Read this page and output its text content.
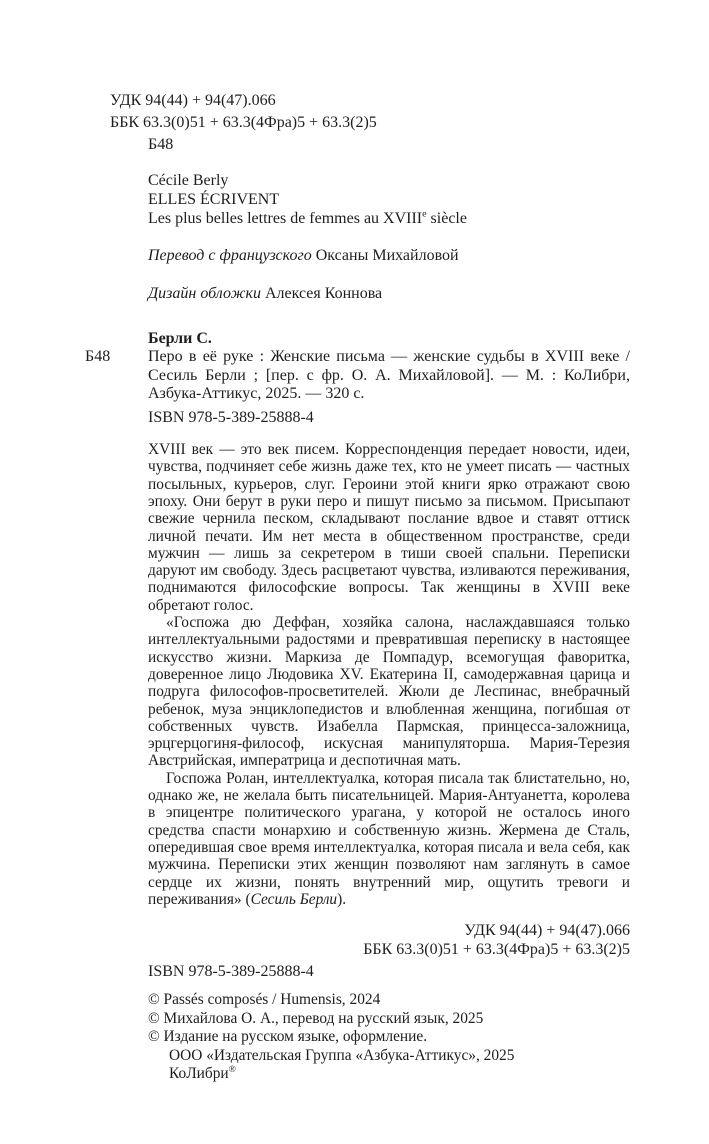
УДК 94(44) + 94(47).066
ББК 63.3(0)51 + 63.3(4Фра)5 + 63.3(2)5
Б48
Cécile Berly
ELLES ÉCRIVENT
Les plus belles lettres de femmes au XVIIIe siècle
Перевод с французского Оксаны Михайловой
Дизайн обложки Алексея Коннова
Берли С.
Б48 Перо в её руке : Женские письма — женские судьбы в XVIII веке / Сесиль Берли ; [пер. с фр. О. А. Михайловой]. — М. : КоЛибри, Азбука-Аттикус, 2025. — 320 с.
ISBN 978-5-389-25888-4

XVIII век — это век писем. Корреспонденция передает новости, идеи, чувства, подчиняет себе жизнь даже тех, кто не умеет писать — частных посыльных, курьеров, слуг. Героини этой книги ярко отражают свою эпоху. Они берут в руки перо и пишут письмо за письмом. Присыпают свежие чернила песком, складывают послание вдвое и ставят оттиск личной печати. Им нет места в общественном пространстве, среди мужчин — лишь за секретером в тиши своей спальни. Переписки даруют им свободу. Здесь расцветают чувства, изливаются переживания, поднимаются философские вопросы. Так женщины в XVIII веке обретают голос.

«Госпожа дю Деффан, хозяйка салона, наслаждавшаяся только интеллектуальными радостями и превратившая переписку в настоящее искусство жизни. Маркиза де Помпадур, всемогущая фаворитка, доверенное лицо Людовика XV. Екатерина II, самодержавная царица и подруга философов-просветителей. Жюли де Леспинас, внебрачный ребенок, муза энциклопедистов и влюбленная женщина, погибшая от собственных чувств. Изабелла Пармская, принцесса-заложница, эрцгерцогиня-философ, искусная манипуляторша. Мария-Терезия Австрийская, императрица и деспотичная мать.

Госпожа Ролан, интеллектуалка, которая писала так блистательно, но, однако же, не желала быть писательницей. Мария-Антуанетта, королева в эпицентре политического урагана, у которой не осталось иного средства спасти монархию и собственную жизнь. Жермена де Сталь, опередившая свое время интеллектуалка, которая писала и вела себя, как мужчина. Переписки этих женщин позволяют нам заглянуть в самое сердце их жизни, понять внутренний мир, ощутить тревоги и переживания» (Сесиль Берли).

УДК 94(44) + 94(47).066
ББК 63.3(0)51 + 63.3(4Фра)5 + 63.3(2)5
ISBN 978-5-389-25888-4
© Passés composés / Humensis, 2024
© Михайлова О. А., перевод на русский язык, 2025
© Издание на русском языке, оформление.
ООО «Издательская Группа «Азбука-Аттикус», 2025
КоЛибри®
